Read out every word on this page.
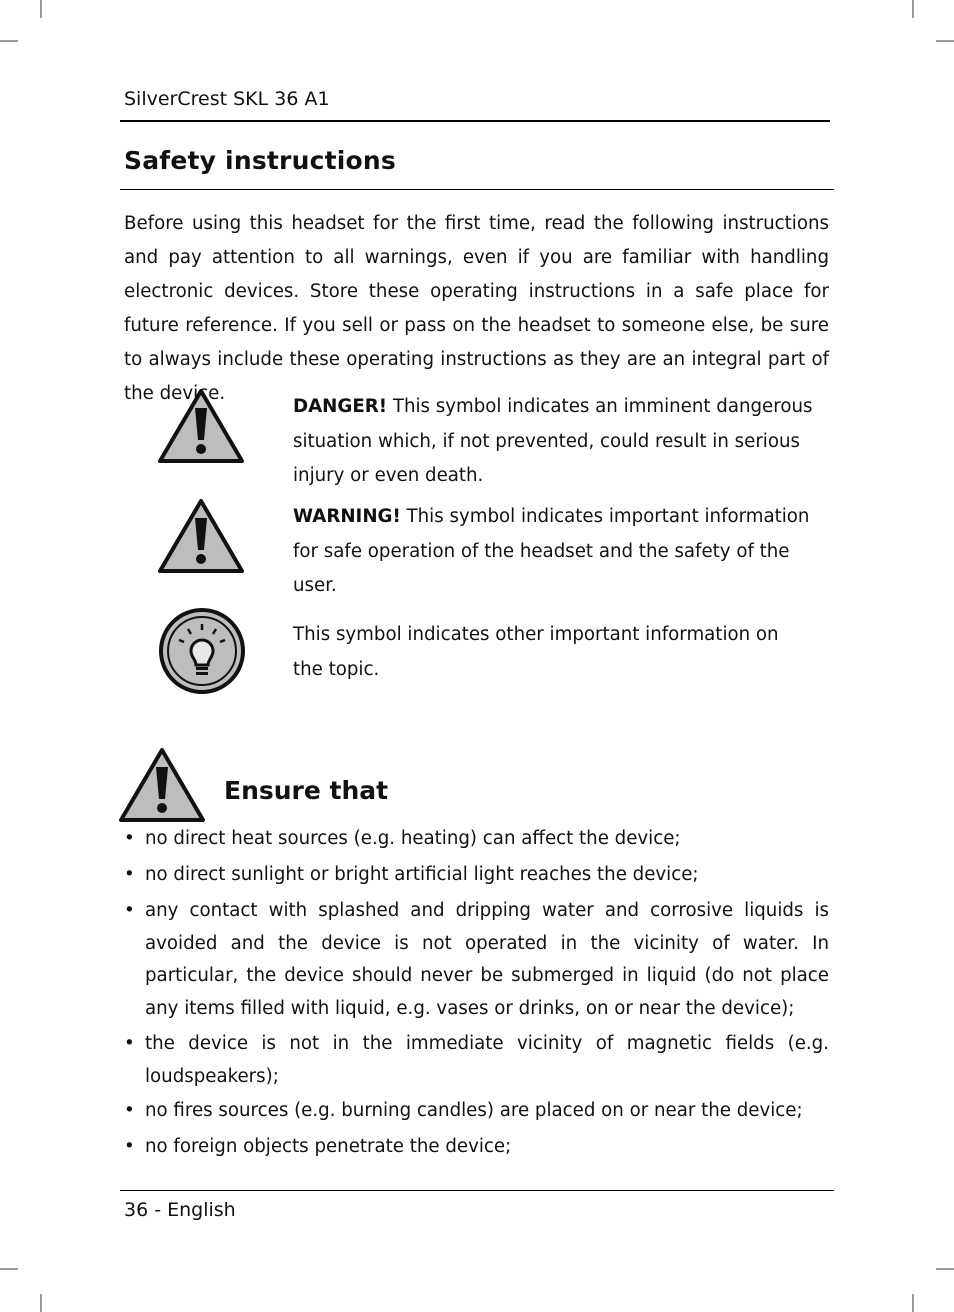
SilverCrest SKL 36 A1
Safety instructions
Before using this headset for the first time, read the following instructions and pay attention to all warnings, even if you are familiar with handling electronic devices. Store these operating instructions in a safe place for future reference. If you sell or pass on the headset to someone else, be sure to always include these operating instructions as they are an integral part of the device.
DANGER! This symbol indicates an imminent dangerous situation which, if not prevented, could result in serious injury or even death.
WARNING! This symbol indicates important information for safe operation of the headset and the safety of the user.
This symbol indicates other important information on the topic.
Ensure that
• no direct heat sources (e.g. heating) can affect the device;
• no direct sunlight or bright artificial light reaches the device;
• any contact with splashed and dripping water and corrosive liquids is avoided and the device is not operated in the vicinity of water. In particular, the device should never be submerged in liquid (do not place any items filled with liquid, e.g. vases or drinks, on or near the device);
• the device is not in the immediate vicinity of magnetic fields (e.g. loudspeakers);
• no fires sources (e.g. burning candles) are placed on or near the device;
• no foreign objects penetrate the device;
36 - English
